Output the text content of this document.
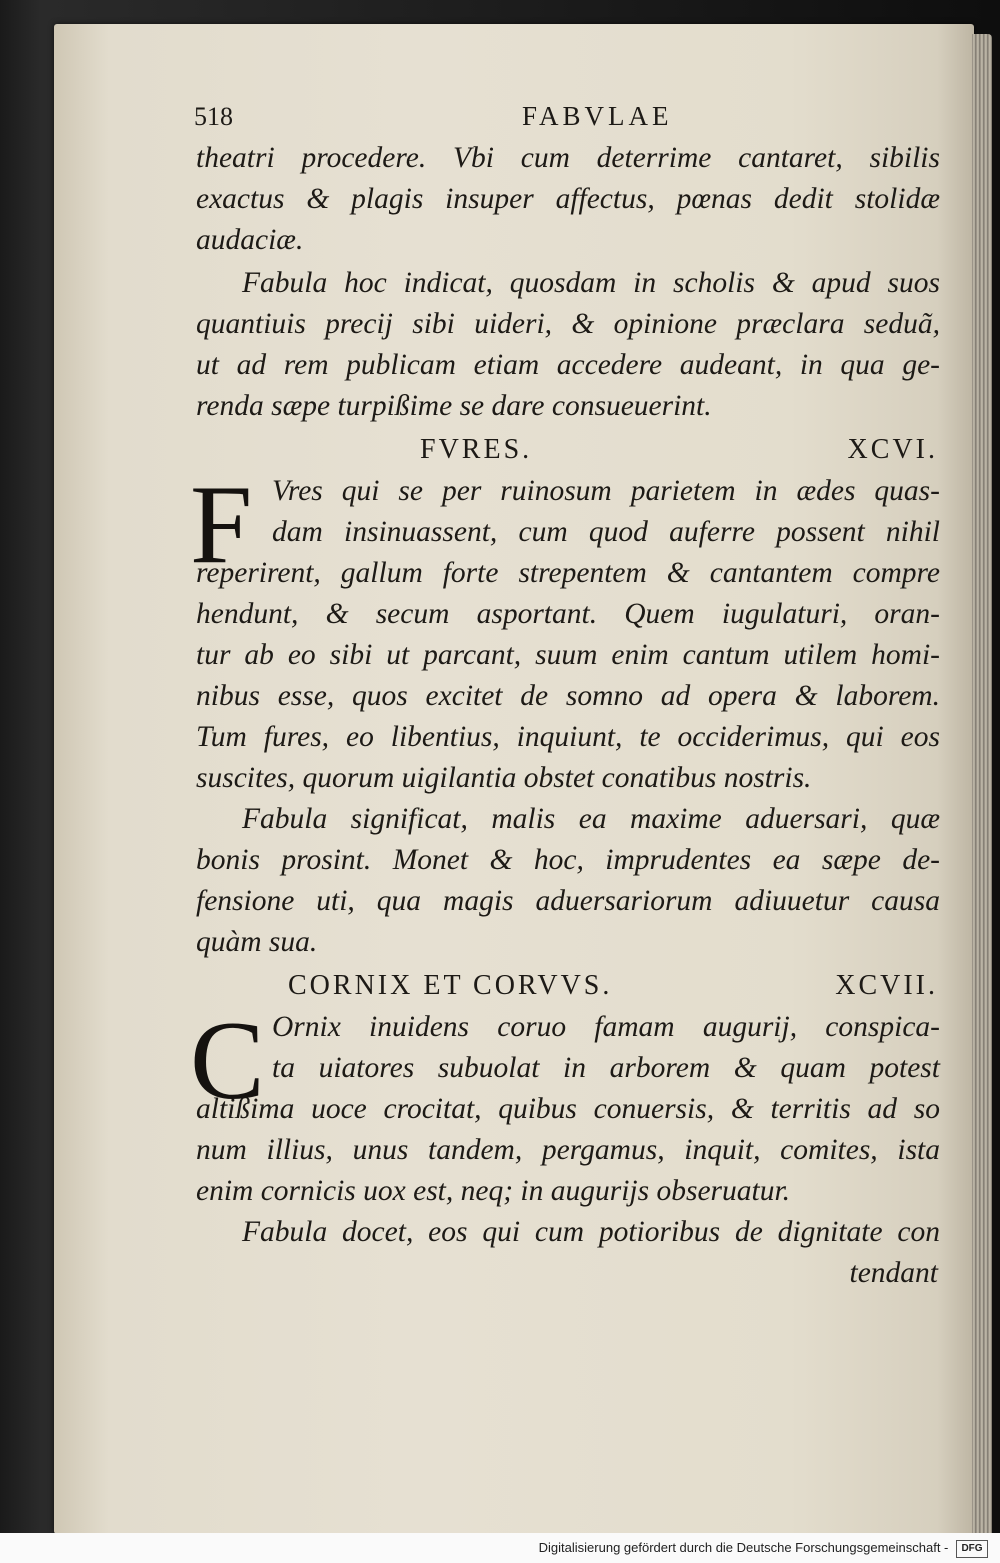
518	FABVLAE
theatri procedere. Vbi cum deterrime cantaret, sibilis
exactus & plagis insuper affectus, pœnas dedit stolidæ
audaciæ.
Fabula hoc indicat, quosdam in scholis & apud suos
quantiuis precij sibi uideri, & opinione præclara seduã,
ut ad rem publicam etiam accedere audeant, in qua ge-
renda sæpe turpißime se dare consueuerint.
FVRES.	XCVI.
F Vres qui se per ruinosum parietem in ædes quas-
dam insinuassent, cum quod auferre possent nihil
reperirent, gallum forte strepentem & cantantem compre
hendunt, & secum asportant. Quem iugulaturi, oran-
tur ab eo sibi ut parcant, suum enim cantum utilem homi-
nibus esse, quos excitet de somno ad opera & laborem.
Tum fures, eo libentius, inquiunt, te occiderimus, qui eos
suscites, quorum uigilantia obstet conatibus nostris.
Fabula significat, malis ea maxime aduersari, quæ
bonis prosint. Monet & hoc, imprudentes ea sæpe de-
fensione uti, qua magis aduersariorum adiuuetur causa
quàm sua.
CORNIX ET CORVVS.	XCVII.
C Ornix inuidens coruo famam augurij, conspica-
ta uiatores subuolat in arborem & quam potest
altißima uoce crocitat, quibus conuersis, & territis ad so
num illius, unus tandem, pergamus, inquit, comites, ista
enim cornicis uox est, neq; in augurijs obseruatur.
Fabula docet, eos qui cum potioribus de dignitate con
tendant
Digitalisierung gefördert durch die Deutsche Forschungsgemeinschaft - DFG
